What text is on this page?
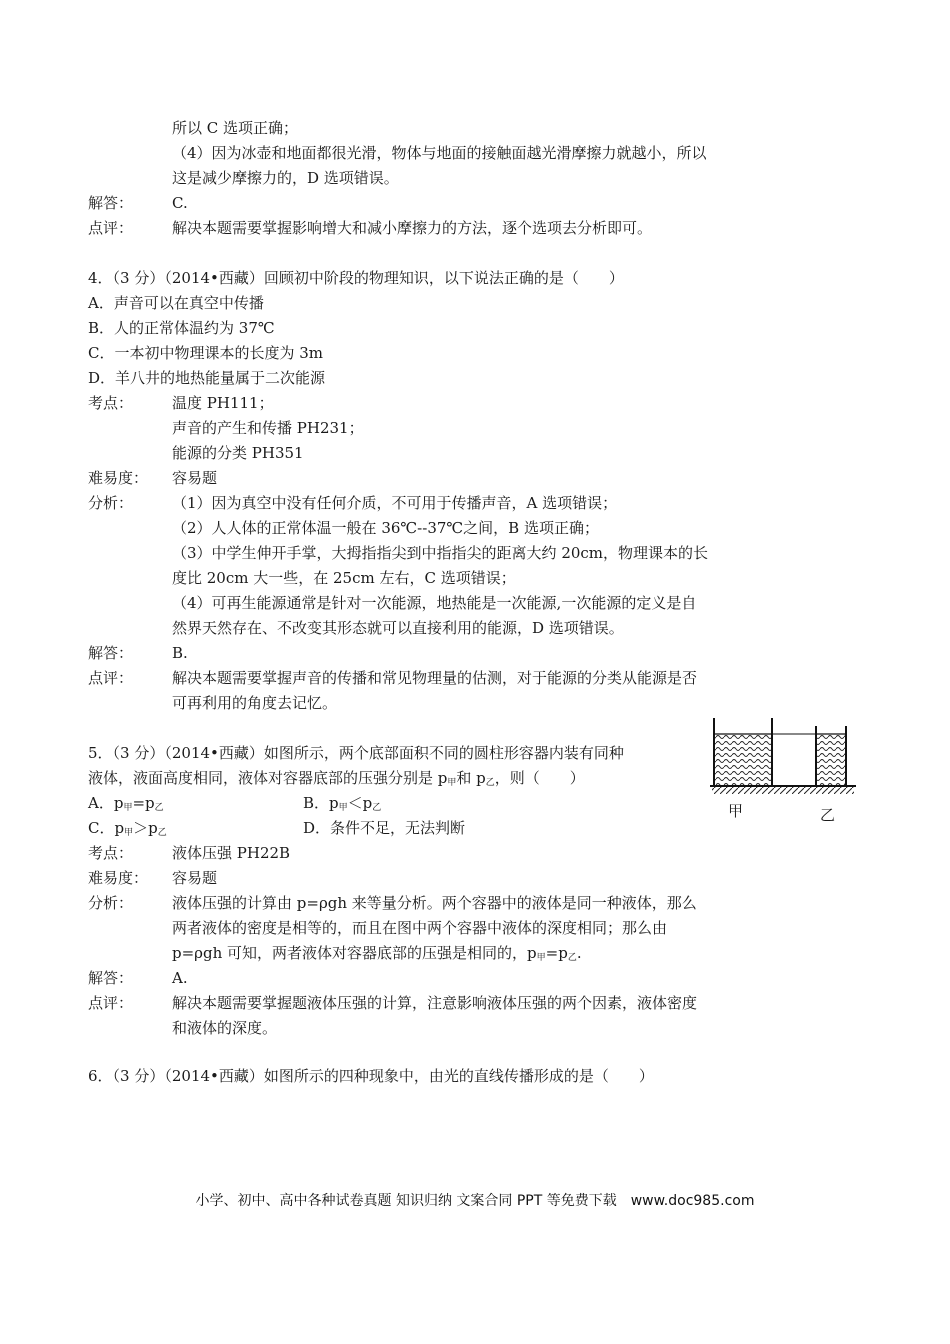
所以 C 选项正确；
（4）因为冰壶和地面都很光滑，物体与地面的接触面越光滑摩擦力就越小，所以
这是减少摩擦力的，D 选项错误。
解答：	C.
点评：	解决本题需要掌握影响增大和减小摩擦力的方法，逐个选项去分析即可。
4．（3 分）（2014•西藏）回顾初中阶段的物理知识，以下说法正确的是（　　）
A．声音可以在真空中传播
B．人的正常体温约为 37℃
C．一本初中物理课本的长度为 3m
D．羊八井的地热能量属于二次能源
考点：	温度 PH111；
声音的产生和传播 PH231；
能源的分类 PH351
难易度： 容易题
分析：	（1）因为真空中没有任何介质，不可用于传播声音，A 选项错误；
（2）人人体的正常体温一般在 36℃--37℃之间，B 选项正确；
（3）中学生伸开手掌，大拇指指尖到中指指尖的距离大约 20cm，物理课本的长
度比 20cm 大一些，在 25cm 左右，C 选项错误；
（4）可再生能源通常是针对一次能源，地热能是一次能源,一次能源的定义是自
然界天然存在、不改变其形态就可以直接利用的能源，D 选项错误。
解答：	B.
点评：	解决本题需要掌握声音的传播和常见物理量的估测，对于能源的分类从能源是否
可再利用的角度去记忆。
5．（3 分）（2014•西藏）如图所示，两个底部面积不同的圆柱形容器内装有同种
液体，液面高度相同，液体对容器底部的压强分别是 $p_甲$和 $p_乙$，则（　　）
A．$p_甲=p_乙$	B．$p_甲<p_乙$
C．$p_甲>p_乙$	D．条件不足，无法判断
考点：	液体压强 PH22B
难易度： 容易题
分析：	液体压强的计算由 p=ρgh 来等量分析。两个容器中的液体是同一种液体，那么
两者液体的密度是相等的，而且在图中两个容器中液体的深度相同；那么由
p=ρgh 可知，两者液体对容器底部的压强是相同的，$p_甲=p_乙$.
解答：	A.
点评：	解决本题需要掌握题液体压强的计算，注意影响液体压强的两个因素，液体密度
和液体的深度。
甲	乙
6．（3 分）（2014•西藏）如图所示的四种现象中，由光的直线传播形成的是（　　）
小学、初中、高中各种试卷真题 知识归纳 文案合同 PPT 等免费下载　www.doc985.com
